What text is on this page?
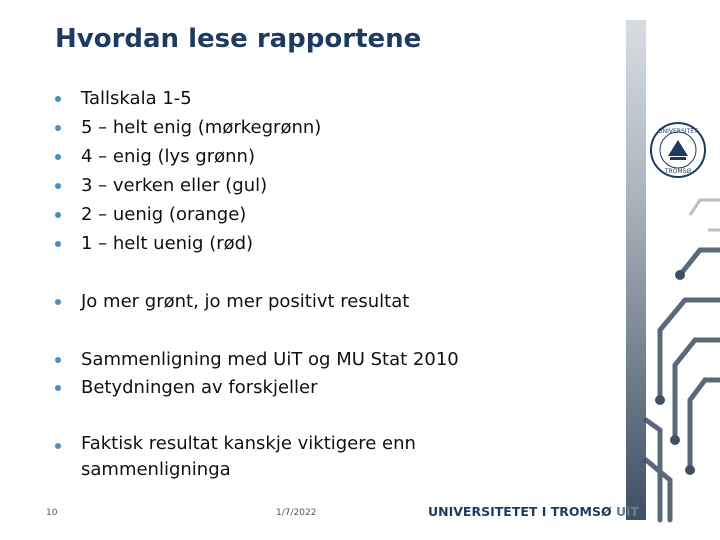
Hvordan lese rapportene
Tallskala 1-5
5 – helt enig (mørkegrønn)
4 – enig (lys grønn)
3 – verken eller (gul)
2 – uenig (orange)
1 – helt uenig (rød)
Jo mer grønt, jo mer positivt resultat
Sammenligning med UiT og MU Stat 2010
Betydningen av forskjeller
Faktisk resultat kanskje viktigere enn sammenligninga
UNIVERSITET
TROMSØ
10	1/7/2022	UNIVERSITETET I TROMSØ UiT
